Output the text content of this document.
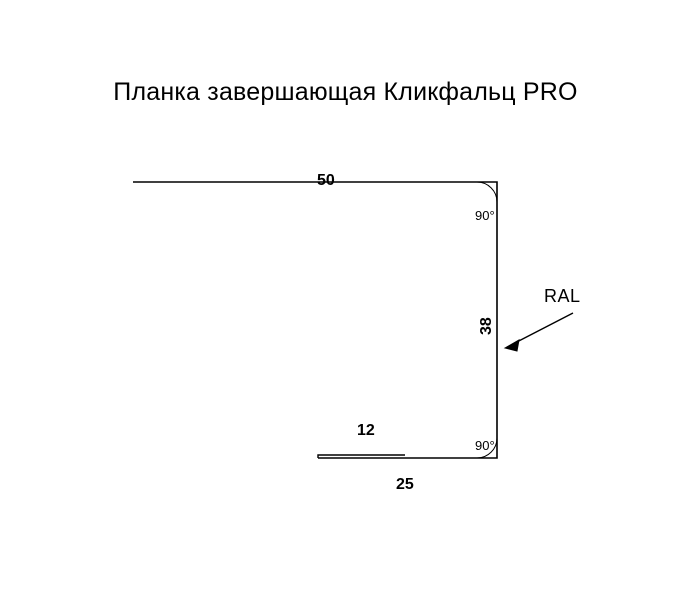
Планка завершающая Кликфальц PRO
50
38
12
25
90°
90°
RAL
